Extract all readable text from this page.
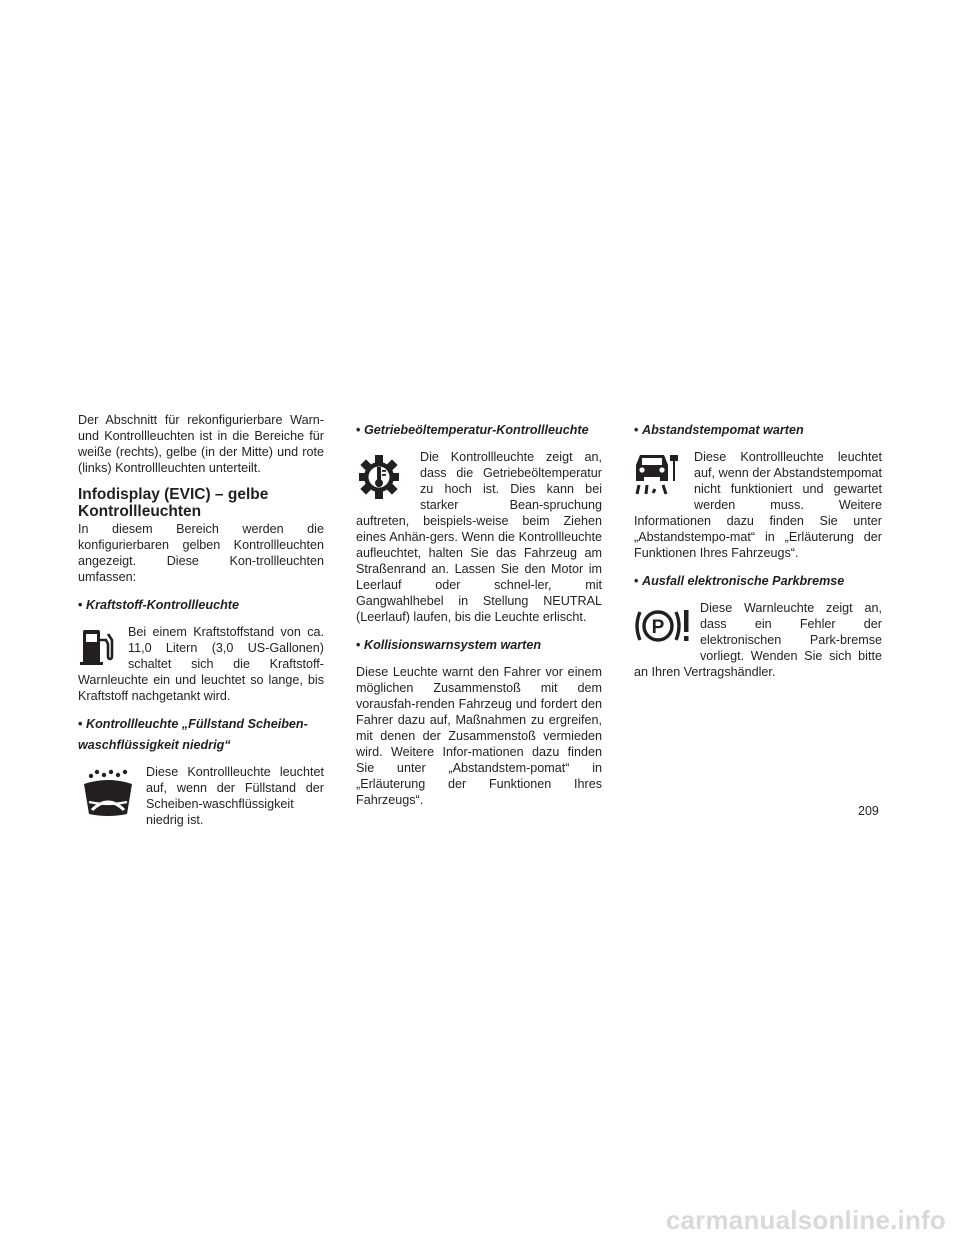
Der Abschnitt für rekonfigurierbare Warn- und Kontrollleuchten ist in die Bereiche für weiße (rechts), gelbe (in der Mitte) und rote (links) Kontrollleuchten unterteilt.

Infodisplay (EVIC) – gelbe
Kontrollleuchten

In diesem Bereich werden die konfigurierbaren gelben Kontrollleuchten angezeigt. Diese Kon-trollleuchten umfassen:

• Kraftstoff-Kontrollleuchte

Bei einem Kraftstoffstand von ca. 11,0 Litern (3,0 US-Gallonen) schaltet sich die Kraftstoff-Warnleuchte ein und leuchtet so lange, bis Kraftstoff nachgetankt wird.

• Kontrollleuchte „Füllstand Scheiben-
waschflüssigkeit niedrig“

Diese Kontrollleuchte leuchtet auf, wenn der Füllstand der Scheiben-waschflüssigkeit niedrig ist.

• Getriebeöltemperatur-Kontrollleuchte

Die Kontrollleuchte zeigt an, dass die Getriebeöltemperatur zu hoch ist. Dies kann bei starker Bean-spruchung auftreten, beispiels-weise beim Ziehen eines Anhän-gers. Wenn die Kontrollleuchte aufleuchtet, halten Sie das Fahrzeug am Straßenrand an. Lassen Sie den Motor im Leerlauf oder schnel-ler, mit Gangwahlhebel in Stellung NEUTRAL (Leerlauf) laufen, bis die Leuchte erlischt.

• Kollisionswarnsystem warten

Diese Leuchte warnt den Fahrer vor einem möglichen Zusammenstoß mit dem vorausfah-renden Fahrzeug und fordert den Fahrer dazu auf, Maßnahmen zu ergreifen, mit denen der Zusammenstoß vermieden wird. Weitere Infor-mationen dazu finden Sie unter „Abstandstem-pomat“ in „Erläuterung der Funktionen Ihres Fahrzeugs“.

• Abstandstempomat warten

Diese Kontrollleuchte leuchtet auf, wenn der Abstandstempomat nicht funktioniert und gewartet werden muss. Weitere Informationen dazu finden Sie unter „Abstandstempo-mat“ in „Erläuterung der Funktionen Ihres Fahrzeugs“.

• Ausfall elektronische Parkbremse
P

Diese Warnleuchte zeigt an, dass ein Fehler der elektronischen Park-bremse vorliegt. Wenden Sie sich bitte an Ihren Vertragshändler.

209
carmanualsonline.info
